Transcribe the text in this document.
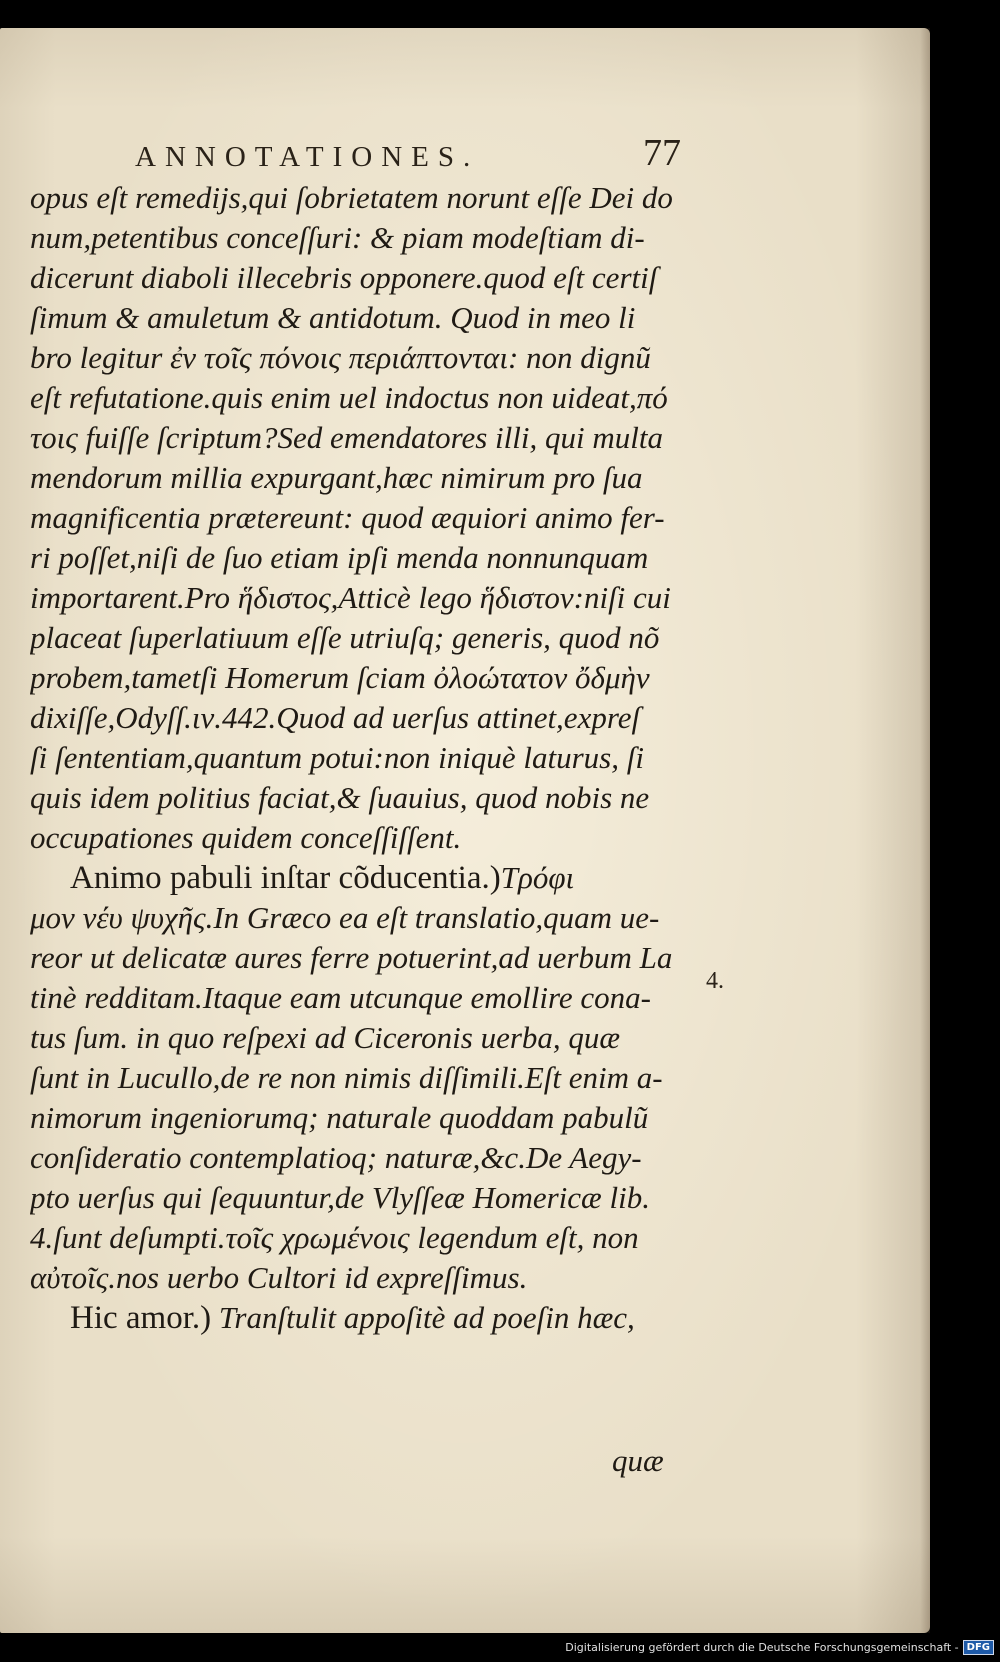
ANNOTATIONES.	77
opus eſt remedijs,qui ſobrietatem norunt eſſe Dei do
num,petentibus conceſſuri: & piam modeſtiam di-
dicerunt diaboli illecebris opponere.quod eſt certiſ
ſimum & amuletum & antidotum. Quod in meo li
bro legitur ἐν τοῖς πόνοις περιάπτονται: non dignũ
eſt refutatione.quis enim uel indoctus non uideat,πό
τοις fuiſſe ſcriptum?Sed emendatores illi, qui multa
mendorum millia expurgant,hæc nimirum pro ſua
magnificentia prætereunt: quod æquiori animo fer-
ri poſſet,niſi de ſuo etiam ipſi menda nonnunquam
importarent.Pro ἥδιστος,Atticè lego ἥδιστον:niſi cui
placeat ſuperlatiuum eſſe utriuſq; generis, quod nõ
probem,tametſi Homerum ſciam ὀλοώτατον ὄδμὴν
dixiſſe,Odyſſ.ιν.442.Quod ad uerſus attinet,expreſ
ſi ſententiam,quantum potui:non iniquè laturus, ſi
quis idem politius faciat,& ſuauius, quod nobis ne
occupationes quidem conceſſiſſent.
Animo pabuli inſtar cõducentia.)Τρόφι
μον νέυ ψυχῆς.In Græco ea eſt translatio,quam ue-
reor ut delicatæ aures ferre potuerint,ad uerbum La
tinè redditam.Itaque eam utcunque emollire cona-
tus ſum. in quo reſpexi ad Ciceronis uerba, quæ
ſunt in Lucullo,de re non nimis diſſimili.Eſt enim a-
nimorum ingeniorumq; naturale quoddam pabulũ
conſideratio contemplatioq; naturæ,&c.De Aegy-
pto uerſus qui ſequuntur,de Vlyſſeæ Homericæ lib.
4.ſunt deſumpti.τοῖς χρωμένοις legendum eſt, non
αὐτοῖς.nos uerbo Cultori id expreſſimus.
Hic amor.) Tranſtulit appoſitè ad poeſin hæc,
4.
quæ
Digitalisierung gefördert durch die Deutsche Forschungsgemeinschaft - DFG
